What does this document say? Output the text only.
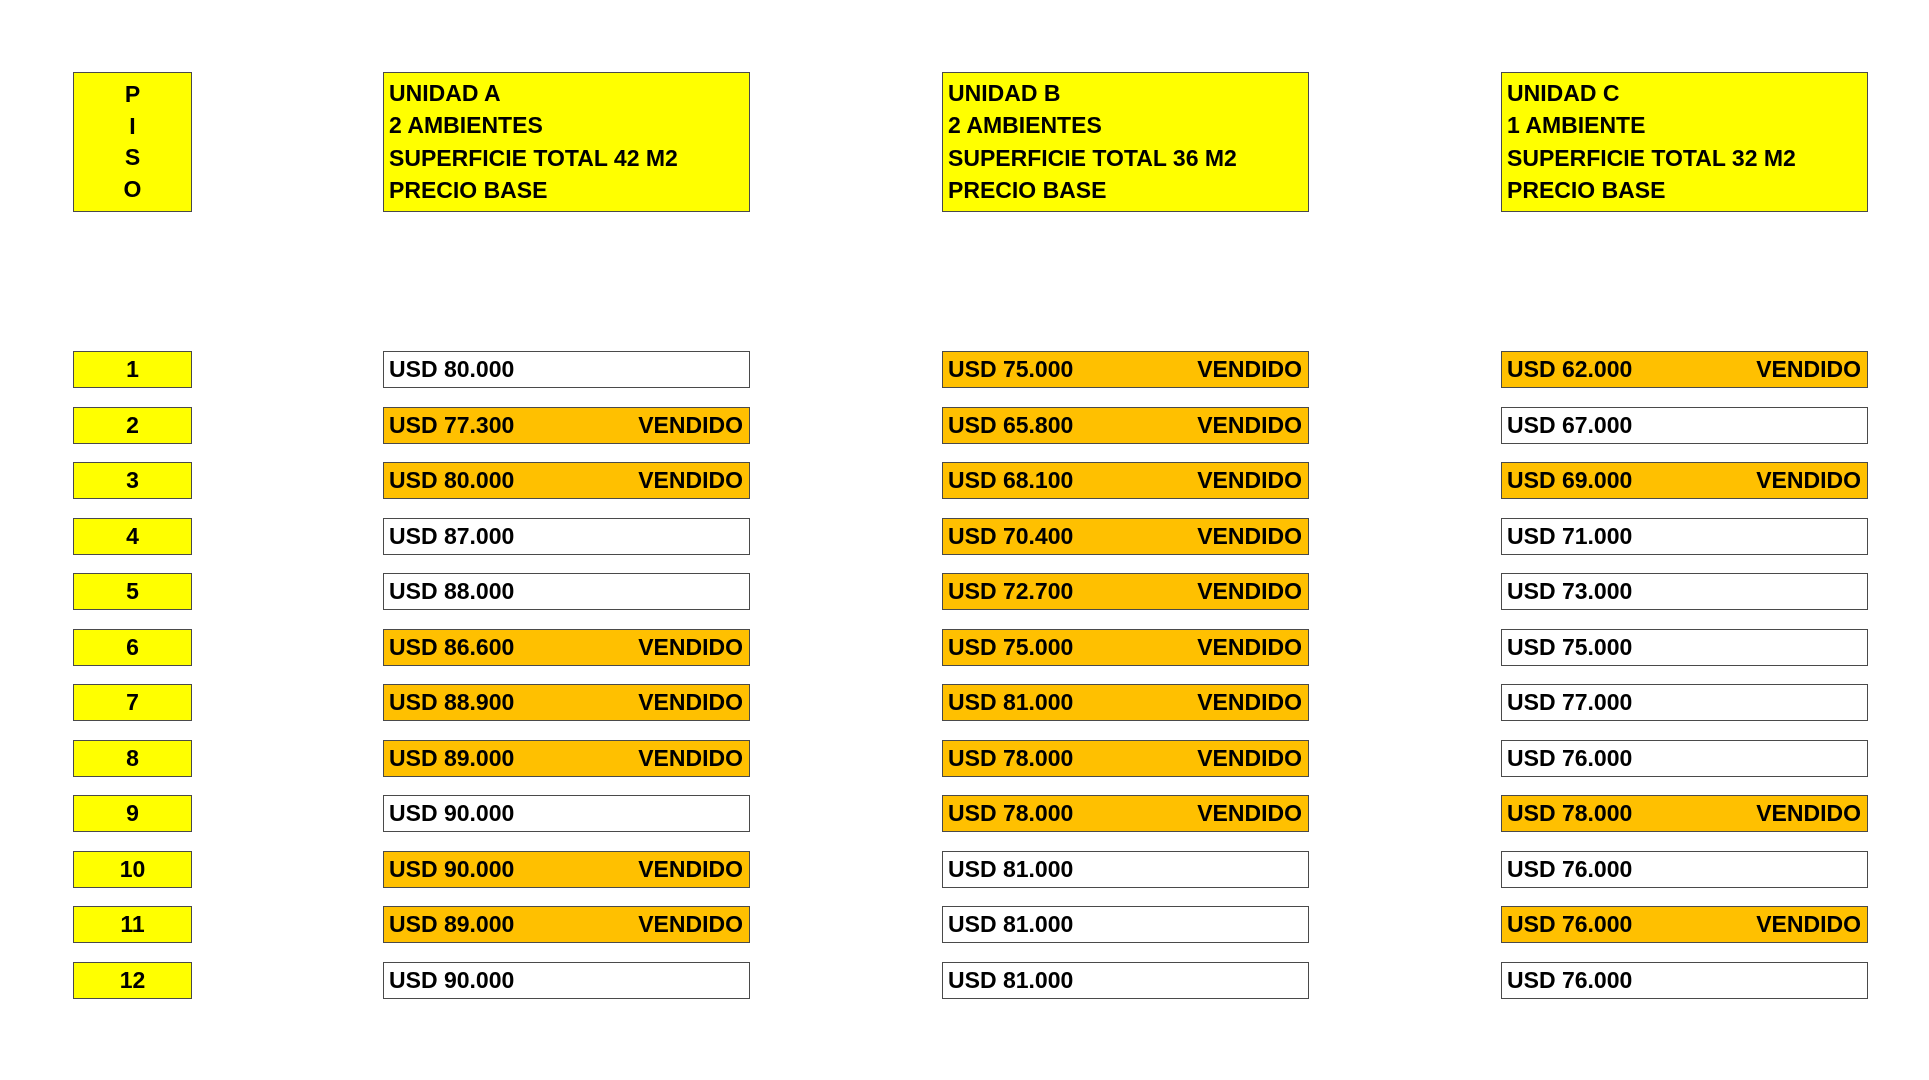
P
I
S
O
UNIDAD A
2 AMBIENTES
SUPERFICIE TOTAL 42 M2
PRECIO BASE
UNIDAD B
2 AMBIENTES
SUPERFICIE TOTAL 36 M2
PRECIO BASE
UNIDAD C
1 AMBIENTE
SUPERFICIE TOTAL 32 M2
PRECIO BASE
1	USD 80.000	USD 75.000	VENDIDO	USD 62.000	VENDIDO
2	USD 77.300	VENDIDO	USD 65.800	VENDIDO	USD 67.000
3	USD 80.000	VENDIDO	USD 68.100	VENDIDO	USD 69.000	VENDIDO
4	USD 87.000	USD 70.400	VENDIDO	USD 71.000
5	USD 88.000	USD 72.700	VENDIDO	USD 73.000
6	USD 86.600	VENDIDO	USD 75.000	VENDIDO	USD 75.000
7	USD 88.900	VENDIDO	USD 81.000	VENDIDO	USD 77.000
8	USD 89.000	VENDIDO	USD 78.000	VENDIDO	USD 76.000
9	USD 90.000	USD 78.000	VENDIDO	USD 78.000	VENDIDO
10	USD 90.000	VENDIDO	USD 81.000	USD 76.000
11	USD 89.000	VENDIDO	USD 81.000	USD 76.000	VENDIDO
12	USD 90.000	USD 81.000	USD 76.000
